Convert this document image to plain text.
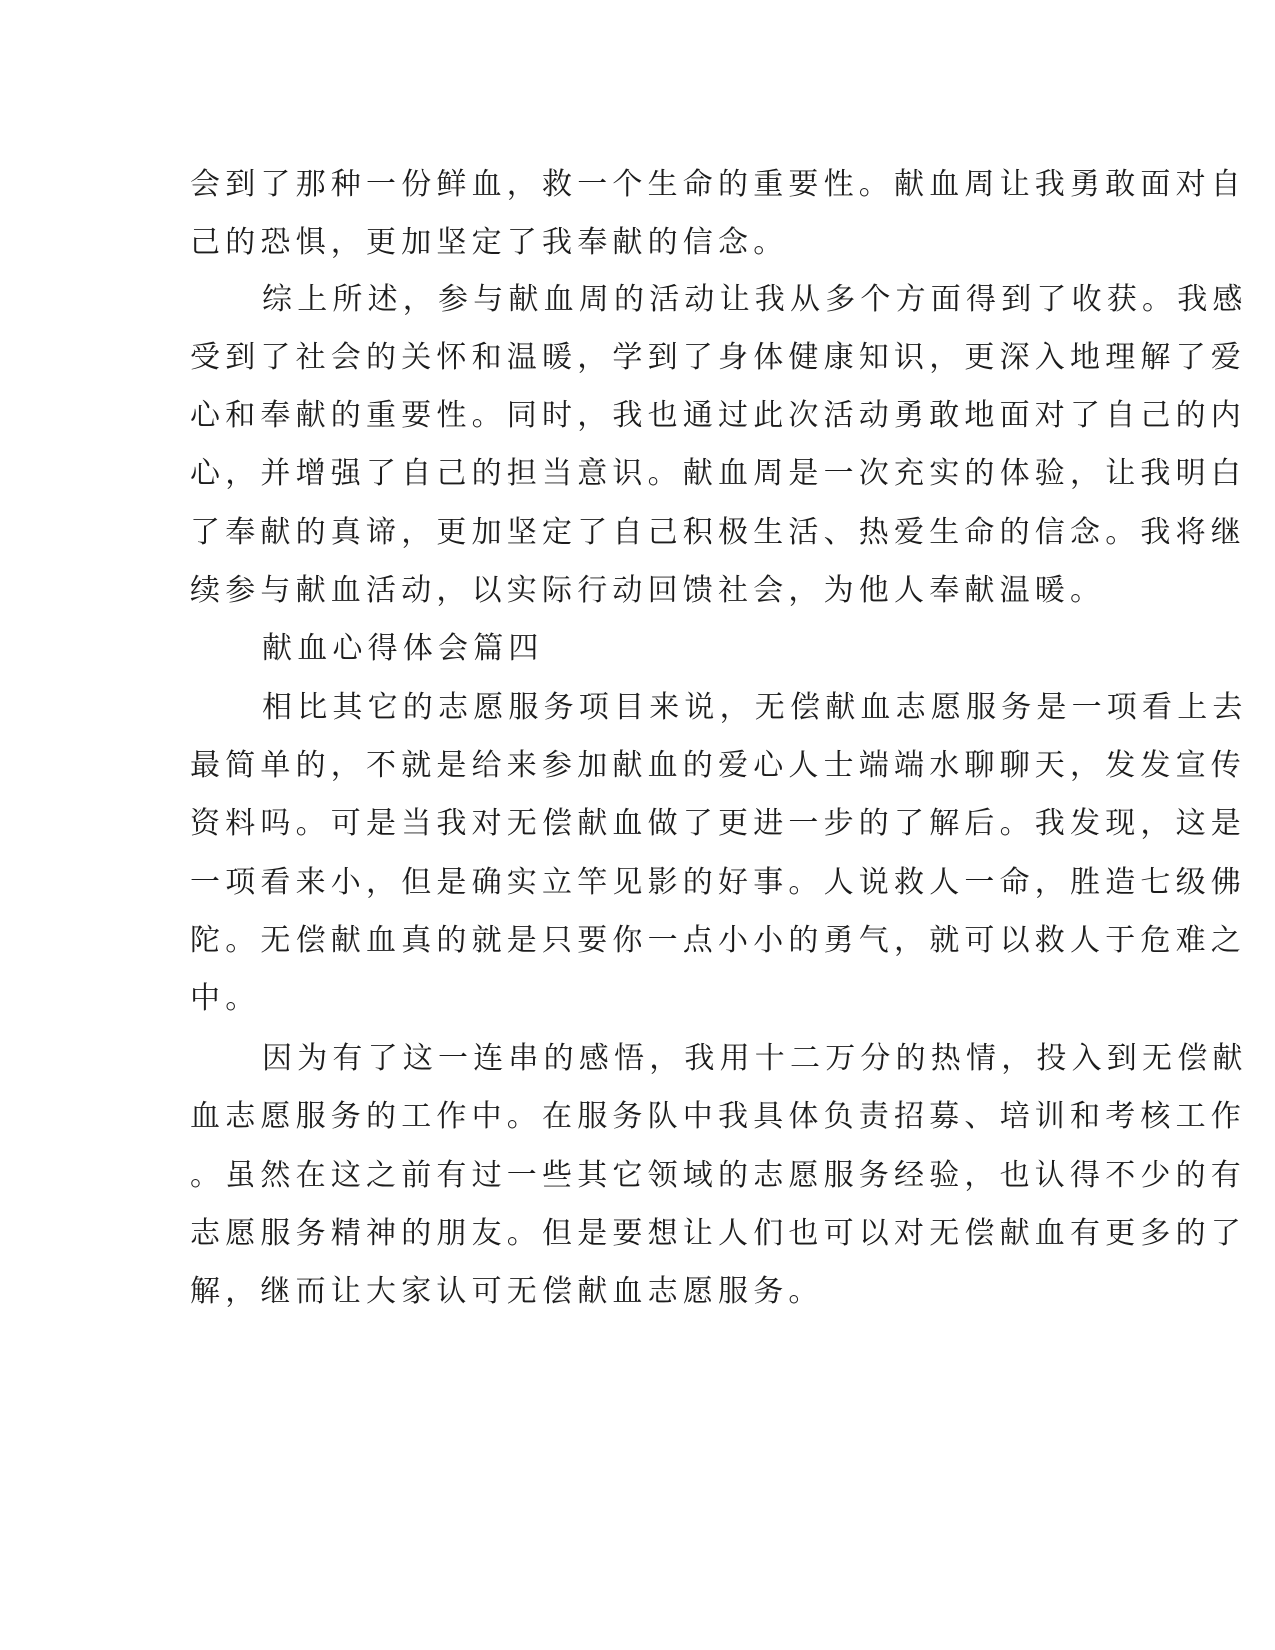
会到了那种一份鲜血，救一个生命的重要性。献血周让我勇敢面对自
己的恐惧，更加坚定了我奉献的信念。
综上所述，参与献血周的活动让我从多个方面得到了收获。我感
受到了社会的关怀和温暖，学到了身体健康知识，更深入地理解了爱
心和奉献的重要性。同时，我也通过此次活动勇敢地面对了自己的内
心，并增强了自己的担当意识。献血周是一次充实的体验，让我明白
了奉献的真谛，更加坚定了自己积极生活、热爱生命的信念。我将继
续参与献血活动，以实际行动回馈社会，为他人奉献温暖。
献血心得体会篇四
相比其它的志愿服务项目来说，无偿献血志愿服务是一项看上去
最简单的，不就是给来参加献血的爱心人士端端水聊聊天，发发宣传
资料吗。可是当我对无偿献血做了更进一步的了解后。我发现，这是
一项看来小，但是确实立竿见影的好事。人说救人一命，胜造七级佛
陀。无偿献血真的就是只要你一点小小的勇气，就可以救人于危难之
中。
因为有了这一连串的感悟，我用十二万分的热情，投入到无偿献
血志愿服务的工作中。在服务队中我具体负责招募、培训和考核工作
。虽然在这之前有过一些其它领域的志愿服务经验，也认得不少的有
志愿服务精神的朋友。但是要想让人们也可以对无偿献血有更多的了
解，继而让大家认可无偿献血志愿服务。
